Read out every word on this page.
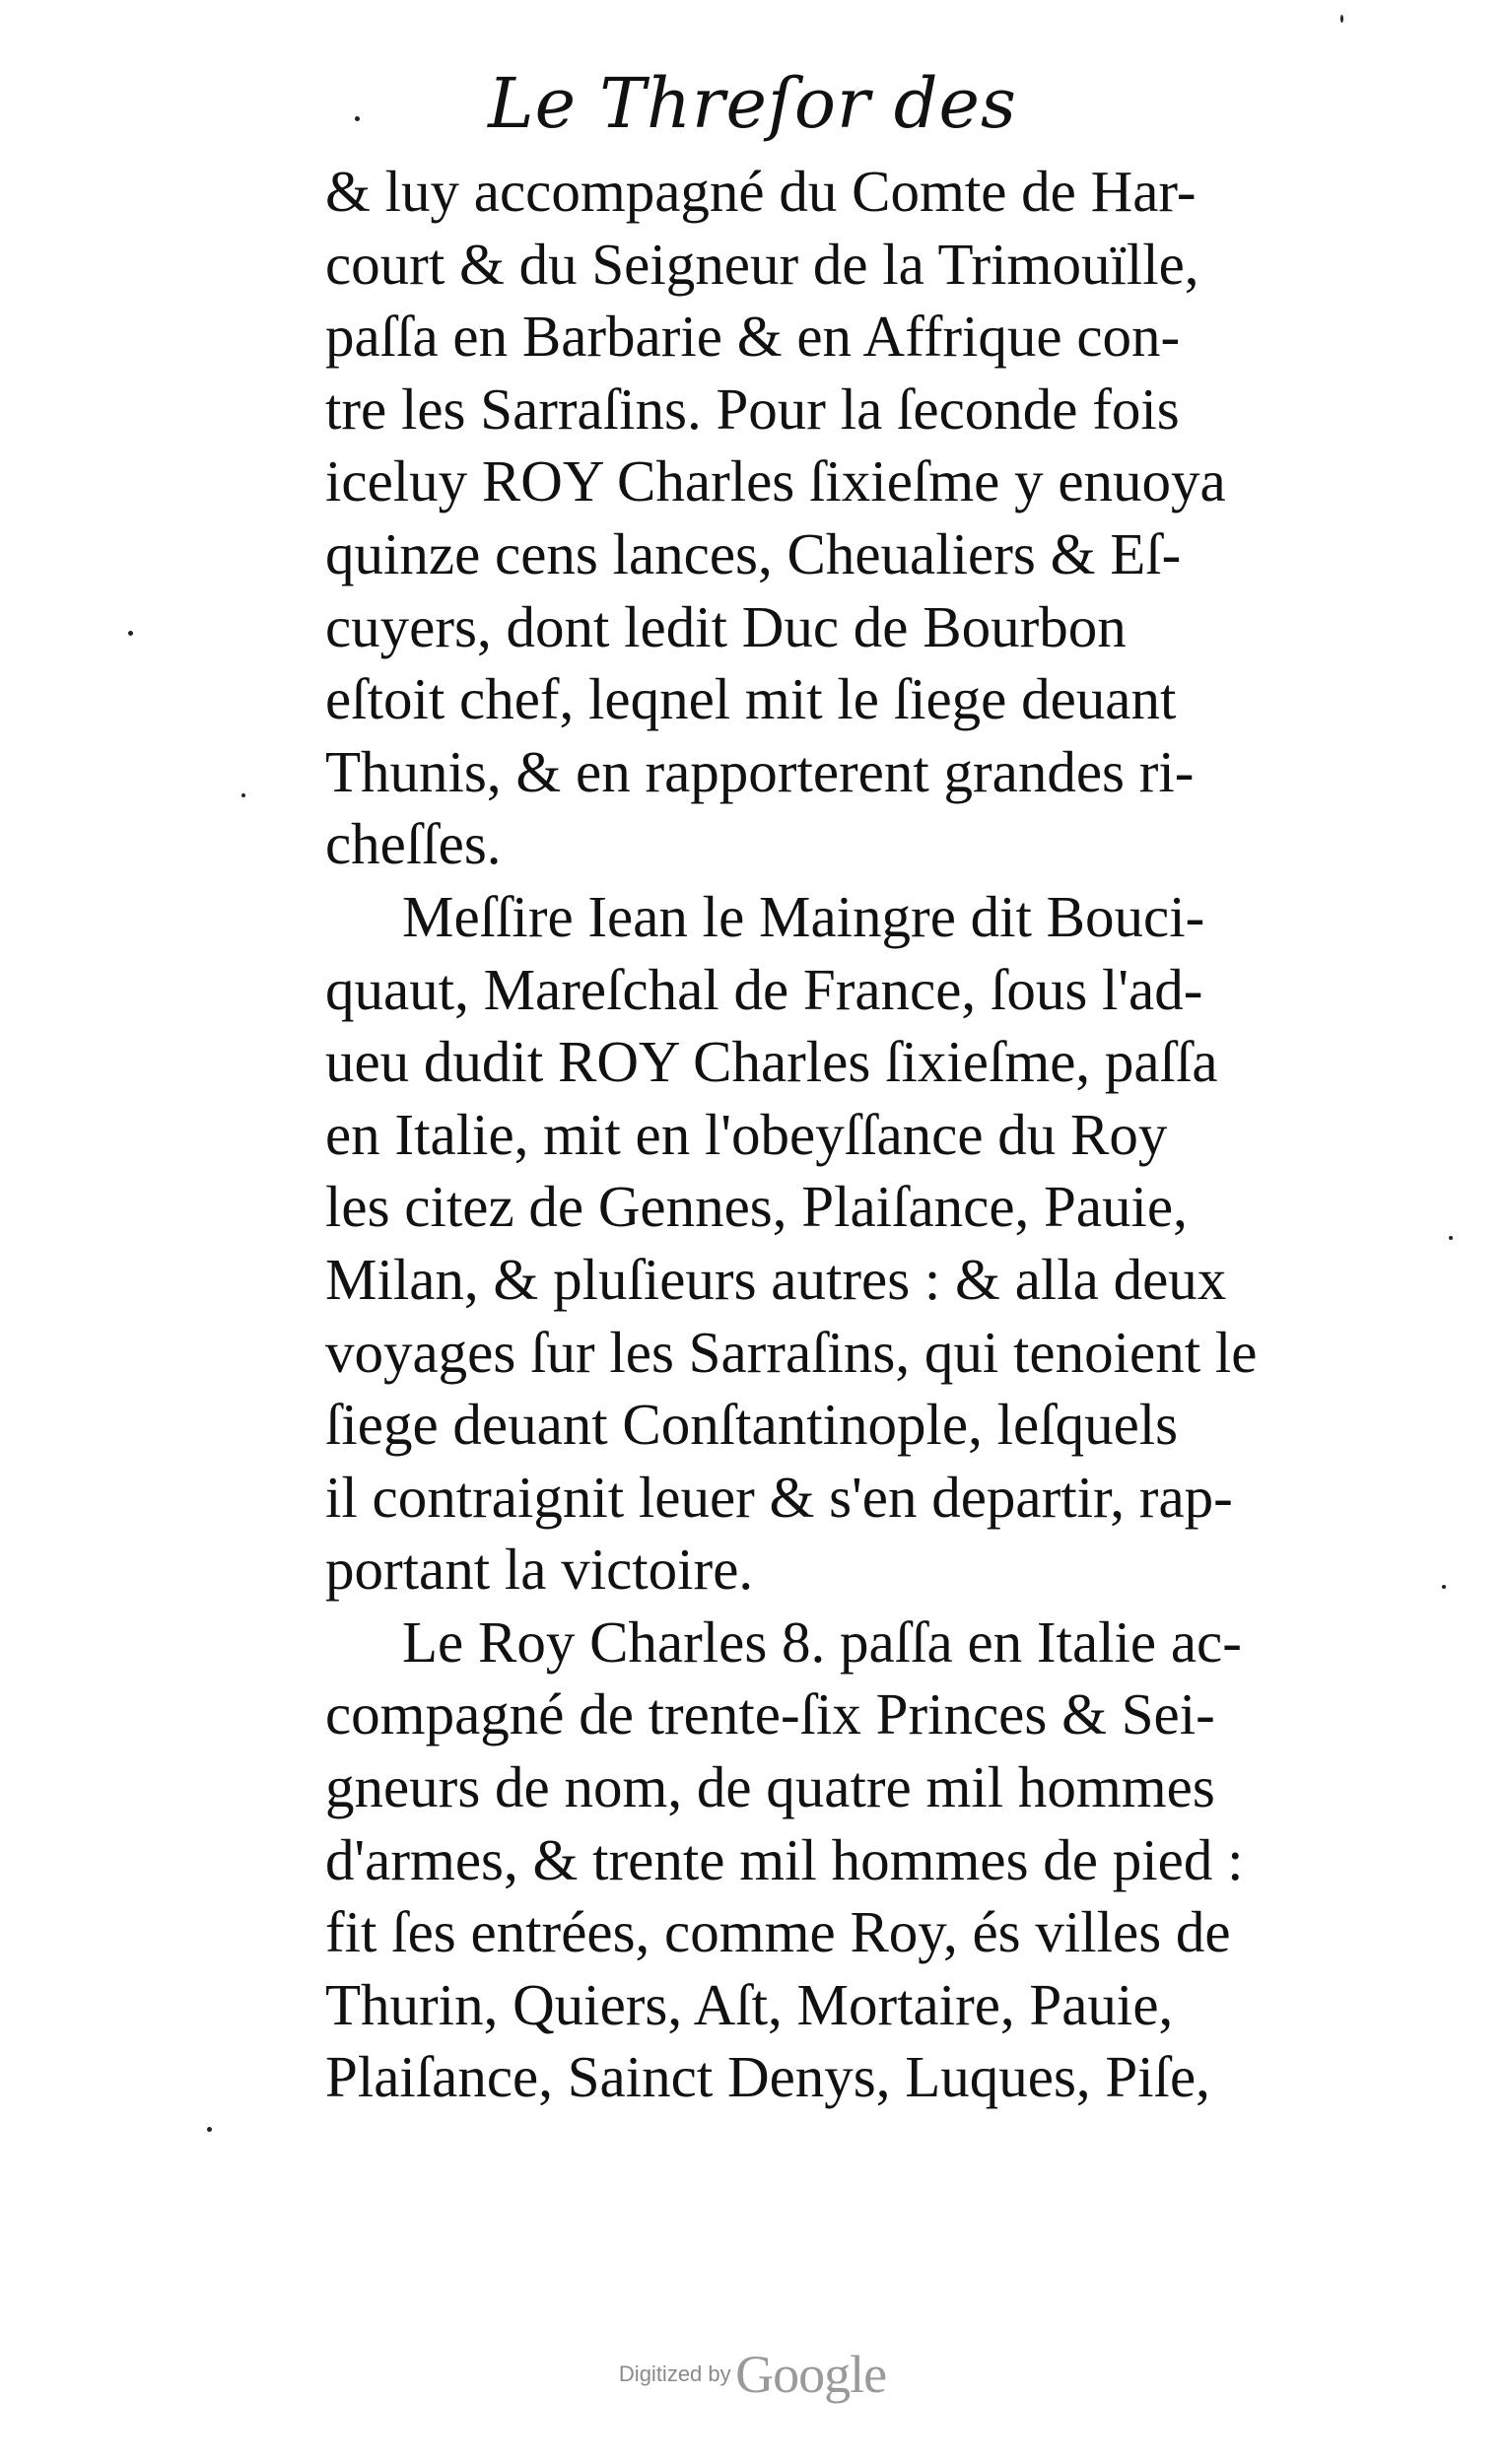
Le Threſor des
& luy accompagné du Comte de Har-
court & du Seigneur de la Trimouïlle,
paſſa en Barbarie & en Affrique con-
tre les Sarraſins. Pour la ſeconde fois
iceluy ROY Charles ſixieſme y enuoya
quinze cens lances, Cheualiers & Eſ-
cuyers, dont ledit Duc de Bourbon
eſtoit chef, leqnel mit le ſiege deuant
Thunis, & en rapporterent grandes ri-
cheſſes.
Meſſire Iean le Maingre dit Bouci-
quaut, Mareſchal de France, ſous l'ad-
ueu dudit ROY Charles ſixieſme, paſſa
en Italie, mit en l'obeyſſance du Roy
les citez de Gennes, Plaiſance, Pauie,
Milan, & pluſieurs autres : & alla deux
voyages ſur les Sarraſins, qui tenoient le
ſiege deuant Conſtantinople, leſquels
il contraignit leuer & s'en departir, rap-
portant la victoire.
Le Roy Charles 8. paſſa en Italie ac-
compagné de trente-ſix Princes & Sei-
gneurs de nom, de quatre mil hommes
d'armes, & trente mil hommes de pied :
fit ſes entrées, comme Roy, és villes de
Thurin, Quiers, Aſt, Mortaire, Pauie,
Plaiſance, Sainct Denys, Luques, Piſe,
Digitized by Google
